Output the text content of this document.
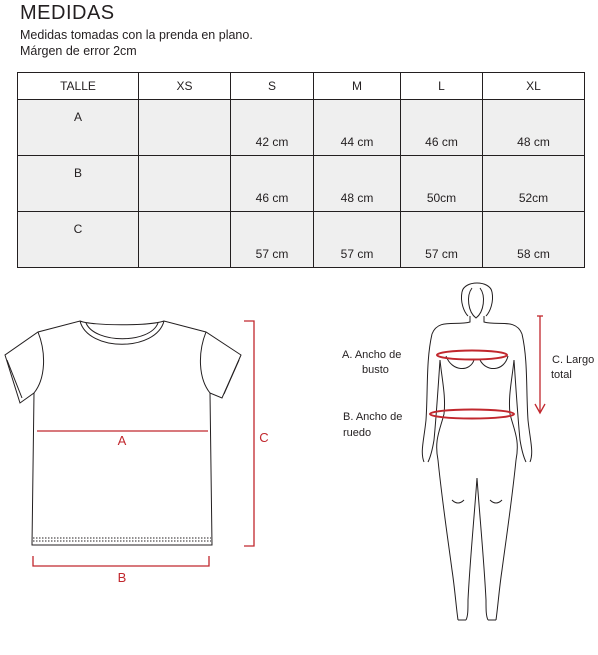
MEDIDAS
Medidas tomadas con la prenda en plano.
Márgen de error 2cm
TALLE	XS	S	M	L	XL
A		42 cm	44 cm	46 cm	48 cm
B		46 cm	48 cm	50cm	52cm
C		57 cm	57 cm	57 cm	58 cm
A
B
C
A. Ancho de
busto
B. Ancho de
ruedo
C. Largo
total
